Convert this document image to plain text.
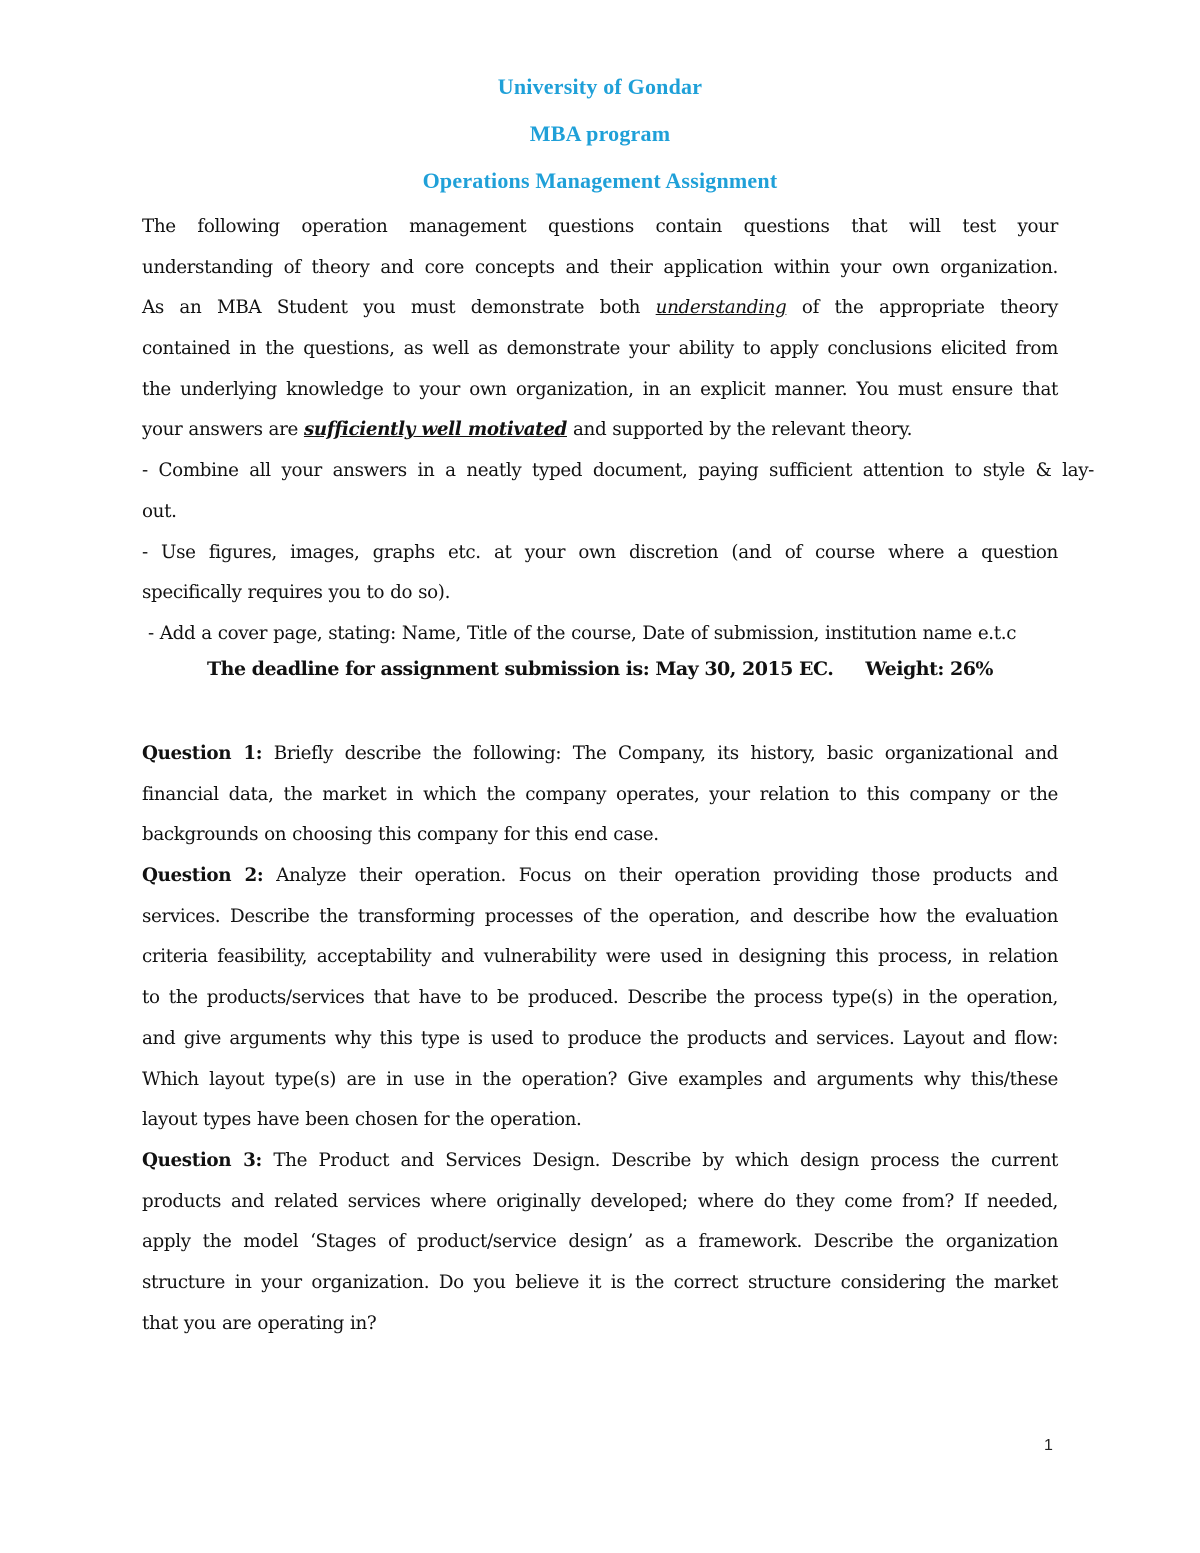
University of Gondar
MBA program
Operations Management Assignment
The following operation management questions contain questions that will test your
understanding of theory and core concepts and their application within your own organization.
As an MBA Student you must demonstrate both understanding of the appropriate theory
contained in the questions, as well as demonstrate your ability to apply conclusions elicited from
the underlying knowledge to your own organization, in an explicit manner. You must ensure that
your answers are sufficiently well motivated and supported by the relevant theory.
- Combine all your answers in a neatly typed document, paying sufficient attention to style & lay-
out.
- Use figures, images, graphs etc. at your own discretion (and of course where a question
specifically requires you to do so).
- Add a cover page, stating: Name, Title of the course, Date of submission, institution name e.t.c
The deadline for assignment submission is: May 30, 2015 EC. Weight: 26%
Question 1: Briefly describe the following: The Company, its history, basic organizational and
financial data, the market in which the company operates, your relation to this company or the
backgrounds on choosing this company for this end case.
Question 2: Analyze their operation. Focus on their operation providing those products and
services. Describe the transforming processes of the operation, and describe how the evaluation
criteria feasibility, acceptability and vulnerability were used in designing this process, in relation
to the products/services that have to be produced. Describe the process type(s) in the operation,
and give arguments why this type is used to produce the products and services. Layout and flow:
Which layout type(s) are in use in the operation? Give examples and arguments why this/these
layout types have been chosen for the operation.
Question 3: The Product and Services Design. Describe by which design process the current
products and related services where originally developed; where do they come from? If needed,
apply the model ‘Stages of product/service design’ as a framework. Describe the organization
structure in your organization. Do you believe it is the correct structure considering the market
that you are operating in?
1
